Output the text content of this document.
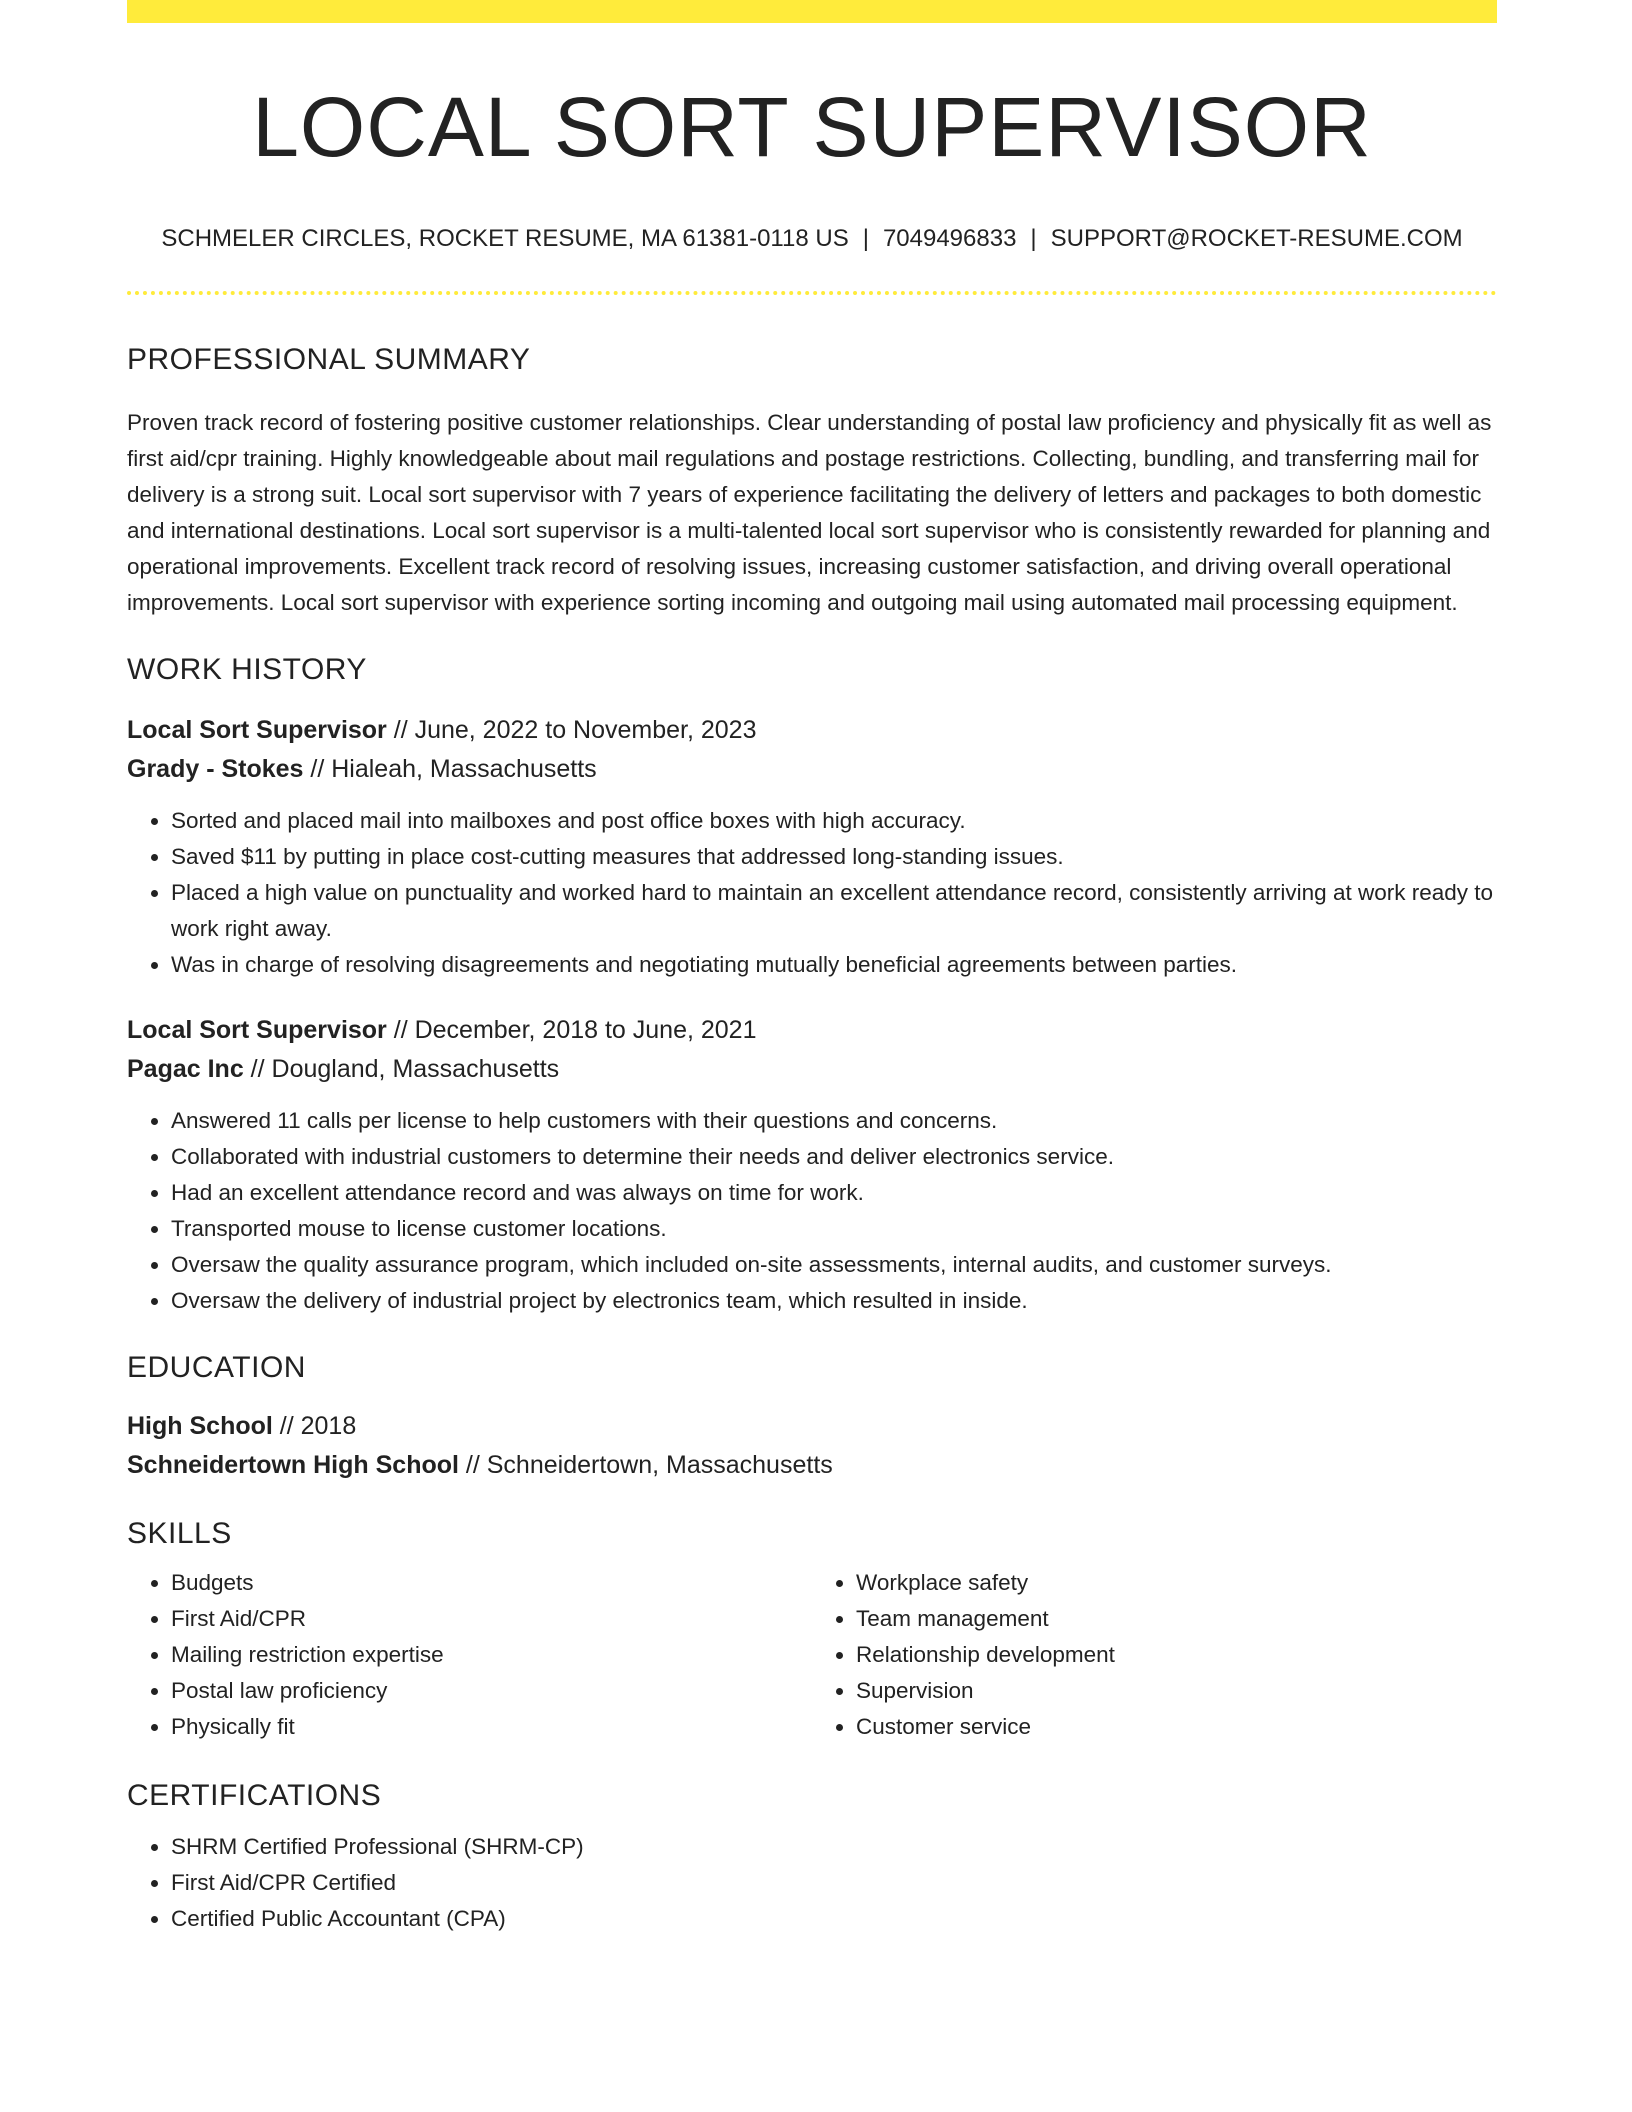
LOCAL SORT SUPERVISOR
SCHMELER CIRCLES, ROCKET RESUME, MA 61381-0118 US | 7049496833 | SUPPORT@ROCKET-RESUME.COM
PROFESSIONAL SUMMARY

Proven track record of fostering positive customer relationships. Clear understanding of postal law proficiency and physically fit as well as first aid/cpr training. Highly knowledgeable about mail regulations and postage restrictions. Collecting, bundling, and transferring mail for delivery is a strong suit. Local sort supervisor with 7 years of experience facilitating the delivery of letters and packages to both domestic and international destinations. Local sort supervisor is a multi-talented local sort supervisor who is consistently rewarded for planning and operational improvements. Excellent track record of resolving issues, increasing customer satisfaction, and driving overall operational improvements. Local sort supervisor with experience sorting incoming and outgoing mail using automated mail processing equipment.

WORK HISTORY
Local Sort Supervisor // June, 2022 to November, 2023
Grady - Stokes // Hialeah, Massachusetts
• Sorted and placed mail into mailboxes and post office boxes with high accuracy.
• Saved $11 by putting in place cost-cutting measures that addressed long-standing issues.
• Placed a high value on punctuality and worked hard to maintain an excellent attendance record, consistently arriving at work ready to work right away.
• Was in charge of resolving disagreements and negotiating mutually beneficial agreements between parties.
Local Sort Supervisor // December, 2018 to June, 2021
Pagac Inc // Dougland, Massachusetts
• Answered 11 calls per license to help customers with their questions and concerns.
• Collaborated with industrial customers to determine their needs and deliver electronics service.
• Had an excellent attendance record and was always on time for work.
• Transported mouse to license customer locations.
• Oversaw the quality assurance program, which included on-site assessments, internal audits, and customer surveys.
• Oversaw the delivery of industrial project by electronics team, which resulted in inside.
EDUCATION
High School // 2018
Schneidertown High School // Schneidertown, Massachusetts
SKILLS
• Budgets
• First Aid/CPR
• Mailing restriction expertise
• Postal law proficiency
• Physically fit
• Workplace safety
• Team management
• Relationship development
• Supervision
• Customer service
CERTIFICATIONS
• SHRM Certified Professional (SHRM-CP)
• First Aid/CPR Certified
• Certified Public Accountant (CPA)
